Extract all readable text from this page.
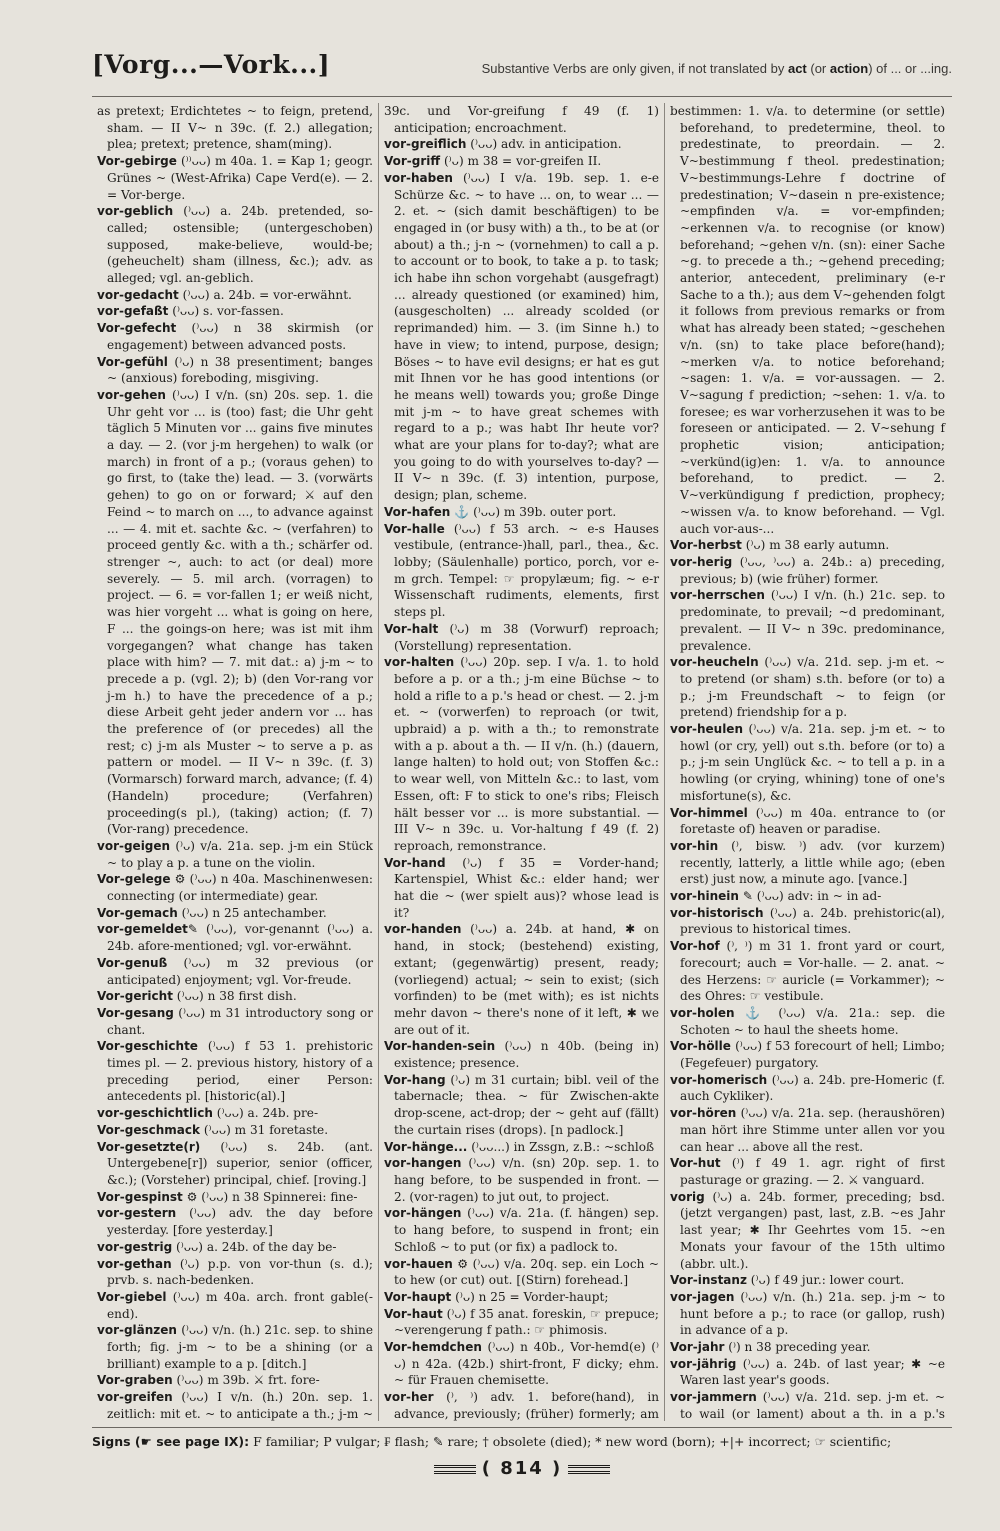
[Vorg...—Vork...]	Substantive Verbs are only given, if not translated by act (or action) of ... or ...ing.

as pretext; Erdichtetes ~ to feign, pretend, sham. — II V~ n 39c. (f. 2.) allegation; plea; pretext; pretence, sham(ming).

Vor-gebirge (⁾⁾ᴗᴗ) m 40a. 1. = Kap 1; geogr. Grünes ~ (West-Afrika) Cape Verd(e). — 2. = Vor-berge.

vor-geblich (⁾ᴗᴗ) a. 24b. pretended, so-called; ostensible; (untergeschoben) supposed, make-believe, would-be; (geheuchelt) sham (illness, &c.); adv. as alleged; vgl. an-geblich.

vor-gedacht (⁾ᴗᴗ) a. 24b. = vor-erwähnt.

vor-gefaßt (⁾ᴗᴗ) s. vor-fassen.

Vor-gefecht (⁾ᴗᴗ) n 38 skirmish (or engagement) between advanced posts.

Vor-gefühl (⁾ᴗ) n 38 presentiment; banges ~ (anxious) foreboding, misgiving.

vor-gehen (⁾ᴗᴗ) I v/n. (sn) 20s. sep. 1. die Uhr geht vor ... is (too) fast; die Uhr geht täglich 5 Minuten vor ... gains five minutes a day. — 2. (vor j-m hergehen) to walk (or march) in front of a p.; (voraus gehen) to go first, to (take the) lead. — 3. (vorwärts gehen) to go on or forward; ⚔ auf den Feind ~ to march on ..., to advance against ... — 4. mit et. sachte &c. ~ (verfahren) to proceed gently &c. with a th.; schärfer od. strenger ~, auch: to act (or deal) more severely. — 5. mil arch. (vorragen) to project. — 6. = vor-fallen 1; er weiß nicht, was hier vorgeht ... what is going on here, F ... the goings-on here; was ist mit ihm vorgegangen? what change has taken place with him? — 7. mit dat.: a) j-m ~ to precede a p. (vgl. 2); b) (den Vor-rang vor j-m h.) to have the precedence of a p.; diese Arbeit geht jeder andern vor ... has the preference of (or precedes) all the rest; c) j-m als Muster ~ to serve a p. as pattern or model. — II V~ n 39c. (f. 3) (Vormarsch) forward march, advance; (f. 4) (Handeln) procedure; (Verfahren) proceeding(s pl.), (taking) action; (f. 7) (Vor-rang) precedence.

vor-geigen (⁾ᴗ) v/a. 21a. sep. j-m ein Stück ~ to play a p. a tune on the violin.

Vor-gelege ⚙ (⁾ᴗᴗ) n 40a. Maschinenwesen: connecting (or intermediate) gear.

Vor-gemach (⁾ᴗᴗ) n 25 antechamber.

vor-gemeldet✎ (⁾ᴗᴗ), vor-genannt (⁾ᴗᴗ) a. 24b. afore-mentioned; vgl. vor-erwähnt.

Vor-genuß (⁾ᴗᴗ) m 32 previous (or anticipated) enjoyment; vgl. Vor-freude.

Vor-gericht (⁾ᴗᴗ) n 38 first dish.

Vor-gesang (⁾ᴗᴗ) m 31 introductory song or chant.

Vor-geschichte (⁾ᴗᴗ) f 53 1. prehistoric times pl. — 2. previous history, history of a preceding period, einer Person: antecedents pl. [historic(al).]

vor-geschichtlich (⁾ᴗᴗ) a. 24b. pre-

Vor-geschmack (⁾ᴗᴗ) m 31 foretaste.

Vor-gesetzte(r) (⁾ᴗᴗ) s. 24b. (ant. Untergebene[r]) superior, senior (officer, &c.); (Vorsteher) principal, chief. [roving.]

Vor-gespinst ⚙ (⁾ᴗᴗ) n 38 Spinnerei: fine-

vor-gestern (⁾ᴗᴗ) adv. the day before yesterday. [fore yesterday.]

vor-gestrig (⁾ᴗᴗ) a. 24b. of the day be-

vor-gethan (⁾ᴗ) p.p. von vor-thun (s. d.); prvb. s. nach-bedenken.

Vor-giebel (⁾ᴗᴗ) m 40a. arch. front gable(-end).

vor-glänzen (⁾ᴗᴗ) v/n. (h.) 21c. sep. to shine forth; fig. j-m ~ to be a shining (or a brilliant) example to a p. [ditch.]

Vor-graben (⁾ᴗᴗ) m 39b. ⚔ frt. fore-

vor-greifen (⁾ᴗᴗ) I v/n. (h.) 20n. sep. 1. zeitlich: mit et. ~ to anticipate a th.; j-m ~

39c. und Vor-greifung f 49 (f. 1) anticipation; encroachment.

vor-greiflich (⁾ᴗᴗ) adv. in anticipation.

Vor-griff (⁾ᴗ) m 38 = vor-greifen II.

vor-haben (⁾ᴗᴗ) I v/a. 19b. sep. 1. e-e Schürze &c. ~ to have ... on, to wear ... — 2. et. ~ (sich damit beschäftigen) to be engaged in (or busy with) a th., to be at (or about) a th.; j-n ~ (vornehmen) to call a p. to account or to book, to take a p. to task; ich habe ihn schon vorgehabt (ausgefragt) ... already questioned (or examined) him, (ausgescholten) ... already scolded (or reprimanded) him. — 3. (im Sinne h.) to have in view; to intend, purpose, design; Böses ~ to have evil designs; er hat es gut mit Ihnen vor he has good intentions (or he means well) towards you; große Dinge mit j-m ~ to have great schemes with regard to a p.; was habt Ihr heute vor? what are your plans for to-day?; what are you going to do with yourselves to-day? — II V~ n 39c. (f. 3) intention, purpose, design; plan, scheme.

Vor-hafen ⚓ (⁾ᴗᴗ) m 39b. outer port.

Vor-halle (⁾ᴗᴗ) f 53 arch. ~ e-s Hauses vestibule, (entrance-)hall, parl., thea., &c. lobby; (Säulenhalle) portico, porch, vor e-m grch. Tempel: ☞ propylæum; fig. ~ e-r Wissenschaft rudiments, elements, first steps pl.

Vor-halt (⁾ᴗ) m 38 (Vorwurf) reproach; (Vorstellung) representation.

vor-halten (⁾ᴗᴗ) 20p. sep. I v/a. 1. to hold before a p. or a th.; j-m eine Büchse ~ to hold a rifle to a p.'s head or chest. — 2. j-m et. ~ (vorwerfen) to reproach (or twit, upbraid) a p. with a th.; to remonstrate with a p. about a th. — II v/n. (h.) (dauern, lange halten) to hold out; von Stoffen &c.: to wear well, von Mitteln &c.: to last, vom Essen, oft: F to stick to one's ribs; Fleisch hält besser vor ... is more substantial. — III V~ n 39c. u. Vor-haltung f 49 (f. 2) reproach, remonstrance.

Vor-hand (⁾ᴗ) f 35 = Vorder-hand; Kartenspiel, Whist &c.: elder hand; wer hat die ~ (wer spielt aus)? whose lead is it?

vor-handen (⁾ᴗᴗ) a. 24b. at hand, ✱ on hand, in stock; (bestehend) existing, extant; (gegenwärtig) present, ready; (vorliegend) actual; ~ sein to exist; (sich vorfinden) to be (met with); es ist nichts mehr davon ~ there's none of it left, ✱ we are out of it.

Vor-handen-sein (⁾ᴗᴗ) n 40b. (being in) existence; presence.

Vor-hang (⁾ᴗ) m 31 curtain; bibl. veil of the tabernacle; thea. ~ für Zwischen-akte drop-scene, act-drop; der ~ geht auf (fällt) the curtain rises (drops). [n padlock.]

Vor-hänge... (⁾ᴗᴗ...) in Zssgn, z.B.: ~schloß

vor-hangen (⁾ᴗᴗ) v/n. (sn) 20p. sep. 1. to hang before, to be suspended in front. — 2. (vor-ragen) to jut out, to project.

vor-hängen (⁾ᴗᴗ) v/a. 21a. (f. hängen) sep. to hang before, to suspend in front; ein Schloß ~ to put (or fix) a padlock to.

vor-hauen ⚙ (⁾ᴗᴗ) v/a. 20q. sep. ein Loch ~ to hew (or cut) out. [(Stirn) forehead.]

Vor-haupt (⁾ᴗ) n 25 = Vorder-haupt;

Vor-haut (⁾ᴗ) f 35 anat. foreskin, ☞ prepuce; ~verengerung f path.: ☞ phimosis.

Vor-hemdchen (⁾ᴗᴗ) n 40b., Vor-hemd(e) (⁾ᴗ) n 42a. (42b.) shirt-front, F dicky; ehm. ~ für Frauen chemisette.

vor-her (⁾, ⁾) adv. 1. before(hand), in advance, previously; (früher) formerly; am

bestimmen: 1. v/a. to determine (or settle) beforehand, to predetermine, theol. to predestinate, to preordain. — 2. V~bestimmung f theol. predestination; V~bestimmungs-Lehre f doctrine of predestination; V~dasein n pre-existence; ~empfinden v/a. = vor-empfinden; ~erkennen v/a. to recognise (or know) beforehand; ~gehen v/n. (sn): einer Sache ~g. to precede a th.; ~gehend preceding; anterior, antecedent, preliminary (e-r Sache to a th.); aus dem V~gehenden folgt it follows from previous remarks or from what has already been stated; ~geschehen v/n. (sn) to take place before(hand); ~merken v/a. to notice beforehand; ~sagen: 1. v/a. = vor-aussagen. — 2. V~sagung f prediction; ~sehen: 1. v/a. to foresee; es war vorherzusehen it was to be foreseen or anticipated. — 2. V~sehung f prophetic vision; anticipation; ~verkünd(ig)en: 1. v/a. to announce beforehand, to predict. — 2. V~verkündigung f prediction, prophecy; ~wissen v/a. to know beforehand. — Vgl. auch vor-aus-...

Vor-herbst (⁾ᴗ) m 38 early autumn.

vor-herig (⁾ᴗᴗ, ⁾ᴗᴗ) a. 24b.: a) preceding, previous; b) (wie früher) former.

vor-herrschen (⁾ᴗᴗ) I v/n. (h.) 21c. sep. to predominate, to prevail; ~d predominant, prevalent. — II V~ n 39c. predominance, prevalence.

vor-heucheln (⁾ᴗᴗ) v/a. 21d. sep. j-m et. ~ to pretend (or sham) s.th. before (or to) a p.; j-m Freundschaft ~ to feign (or pretend) friendship for a p.

vor-heulen (⁾ᴗᴗ) v/a. 21a. sep. j-m et. ~ to howl (or cry, yell) out s.th. before (or to) a p.; j-m sein Unglück &c. ~ to tell a p. in a howling (or crying, whining) tone of one's misfortune(s), &c.

Vor-himmel (⁾ᴗᴗ) m 40a. entrance to (or foretaste of) heaven or paradise.

vor-hin (⁾, bisw. ⁾) adv. (vor kurzem) recently, latterly, a little while ago; (eben erst) just now, a minute ago. [vance.]

vor-hinein ✎ (⁾ᴗᴗ) adv: in ~ in ad-

vor-historisch (⁾ᴗᴗ) a. 24b. prehistoric(al), previous to historical times.

Vor-hof (⁾, ⁾) m 31 1. front yard or court, forecourt; auch = Vor-halle. — 2. anat. ~ des Herzens: ☞ auricle (= Vorkammer); ~ des Ohres: ☞ vestibule.

vor-holen ⚓ (⁾ᴗᴗ) v/a. 21a.: sep. die Schoten ~ to haul the sheets home.

Vor-hölle (⁾ᴗᴗ) f 53 forecourt of hell; Limbo; (Fegefeuer) purgatory.

vor-homerisch (⁾ᴗᴗ) a. 24b. pre-Homeric (f. auch Cykliker).

vor-hören (⁾ᴗᴗ) v/a. 21a. sep. (heraushören) man hört ihre Stimme unter allen vor you can hear ... above all the rest.

Vor-hut (⁾) f 49 1. agr. right of first pasturage or grazing. — 2. ⚔ vanguard.

vorig (⁾ᴗ) a. 24b. former, preceding; bsd. (jetzt vergangen) past, last, z.B. ~es Jahr last year; ✱ Ihr Geehrtes vom 15. ~en Monats your favour of the 15th ultimo (abbr. ult.).

Vor-instanz (⁾ᴗ) f 49 jur.: lower court.

vor-jagen (⁾ᴗᴗ) v/n. (h.) 21a. sep. j-m ~ to hunt before a p.; to race (or gallop, rush) in advance of a p.

Vor-jahr (⁾) n 38 preceding year.

vor-jährig (⁾ᴗᴗ) a. 24b. of last year; ✱ ~e Waren last year's goods.

vor-jammern (⁾ᴗᴗ) v/a. 21d. sep. j-m et. ~ to wail (or lament) about a th. in a p.'s

Signs (☛ see page IX): F familiar; P vulgar; ₣ flash; ✎ rare; † obsolete (died); * new word (born); +|+ incorrect; ☞ scientific;
( 814 )
